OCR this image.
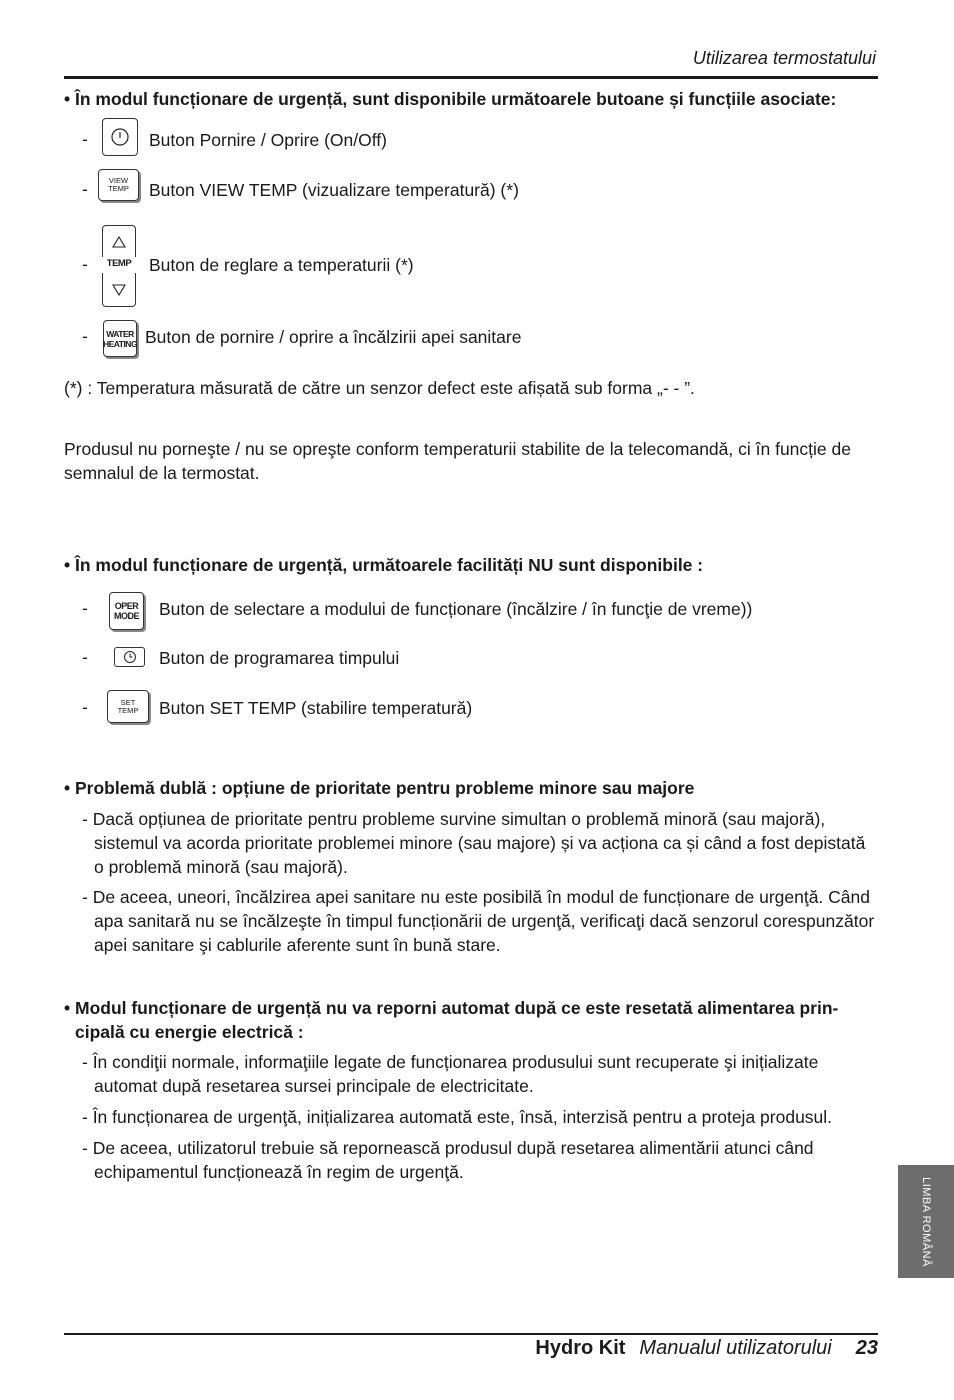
Utilizarea termostatului
• În modul funcționare de urgență, sunt disponibile următoarele butoane și funcțiile asociate:
-	Buton Pornire / Oprire (On/Off)
-	VIEW
TEMP Buton VIEW TEMP (vizualizare temperatură) (*)
-	TEMP Buton de reglare a temperaturii (*)
- WATER
HEATING Buton de pornire / oprire a încălzirii apei sanitare
(*) : Temperatura măsurată de către un senzor defect este afișată sub forma „- - ”.
Produsul nu porneşte / nu se opreşte conform temperaturii stabilite de la telecomandă, ci în funcție de semnalul de la termostat.
• În modul funcționare de urgență, următoarele facilități NU sunt disponibile :
-	OPER
MODE Buton de selectare a modului de funcționare (încălzire / în funcţie de vreme))
-	Buton de programarea timpului
-	SET
TEMP Buton SET TEMP (stabilire temperatură)
• Problemă dublă : opțiune de prioritate pentru probleme minore sau majore
- Dacă opțiunea de prioritate pentru probleme survine simultan o problemă minoră (sau majoră), sistemul va acorda prioritate problemei minore (sau majore) și va acționa ca și când a fost depistată o problemă minoră (sau majoră).
- De aceea, uneori, încălzirea apei sanitare nu este posibilă în modul de funcționare de urgenţă. Când apa sanitară nu se încălzeşte în timpul funcționării de urgenţă, verificaţi dacă senzorul corespunzător apei sanitare şi cablurile aferente sunt în bună stare.
• Modul funcționare de urgență nu va reporni automat după ce este resetată alimentarea principală cu energie electrică :
- În condiţii normale, informaţiile legate de funcționarea produsului sunt recuperate şi inițializate automat după resetarea sursei principale de electricitate.
- În funcționarea de urgenţă, inițializarea automată este, însă, interzisă pentru a proteja produsul.
- De aceea, utilizatorul trebuie să repornească produsul după resetarea alimentării atunci când echipamentul funcționează în regim de urgenţă.
LIMBA ROMÂNĂ
Hydro Kit Manualul utilizatorului 23
